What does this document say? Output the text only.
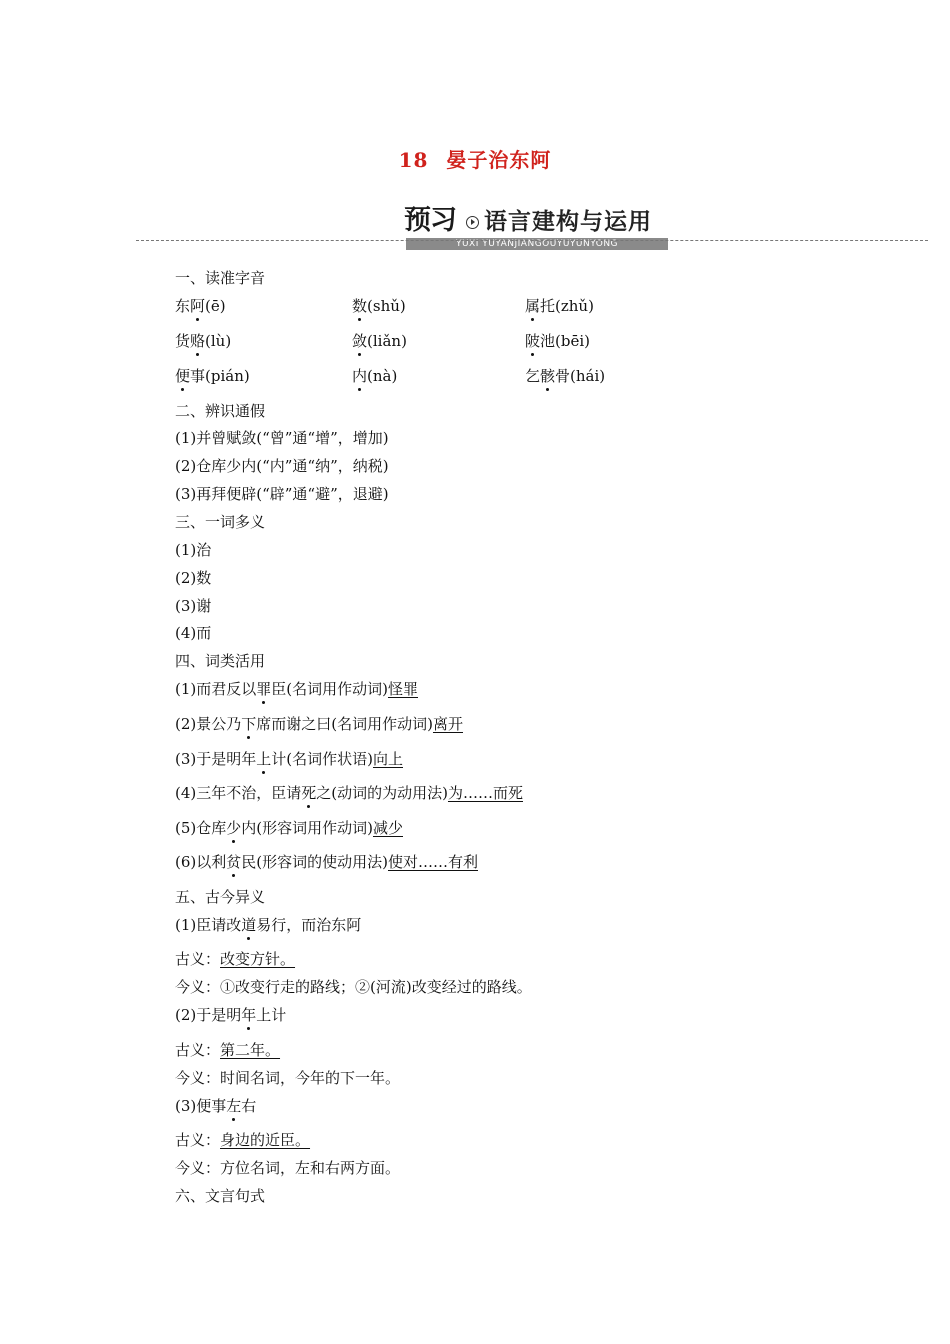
18 晏子治东阿
预习 语言建构与运用
YUXI YUYANJIANGOUYUYUNYONG
一、读准字音
东阿(ē)	数(shǔ)	属托(zhǔ)
货赂(lù)	敛(liǎn)	陂池(bēi)
便事(pián)	内(nà)	乞骸骨(hái)
二、辨识通假
(1)并曾赋敛(“曾”通“增”，增加)
(2)仓库少内(“内”通“纳”，纳税)
(3)再拜便辟(“辟”通“避”，退避)
三、一词多义
(1)治
(2)数
(3)谢
(4)而
四、词类活用
(1)而君反以罪臣(名词用作动词)怪罪
(2)景公乃下席而谢之曰(名词用作动词)离开
(3)于是明年上计(名词作状语)向上
(4)三年不治，臣请死之(动词的为动用法)为……而死
(5)仓库少内(形容词用作动词)减少
(6)以利贫民(形容词的使动用法)使对……有利
五、古今异义
(1)臣请改道易行，而治东阿
古义：改变方针。
今义：①改变行走的路线；②(河流)改变经过的路线。
(2)于是明年上计
古义：第二年。
今义：时间名词，今年的下一年。
(3)便事左右
古义：身边的近臣。
今义：方位名词，左和右两方面。
六、文言句式
